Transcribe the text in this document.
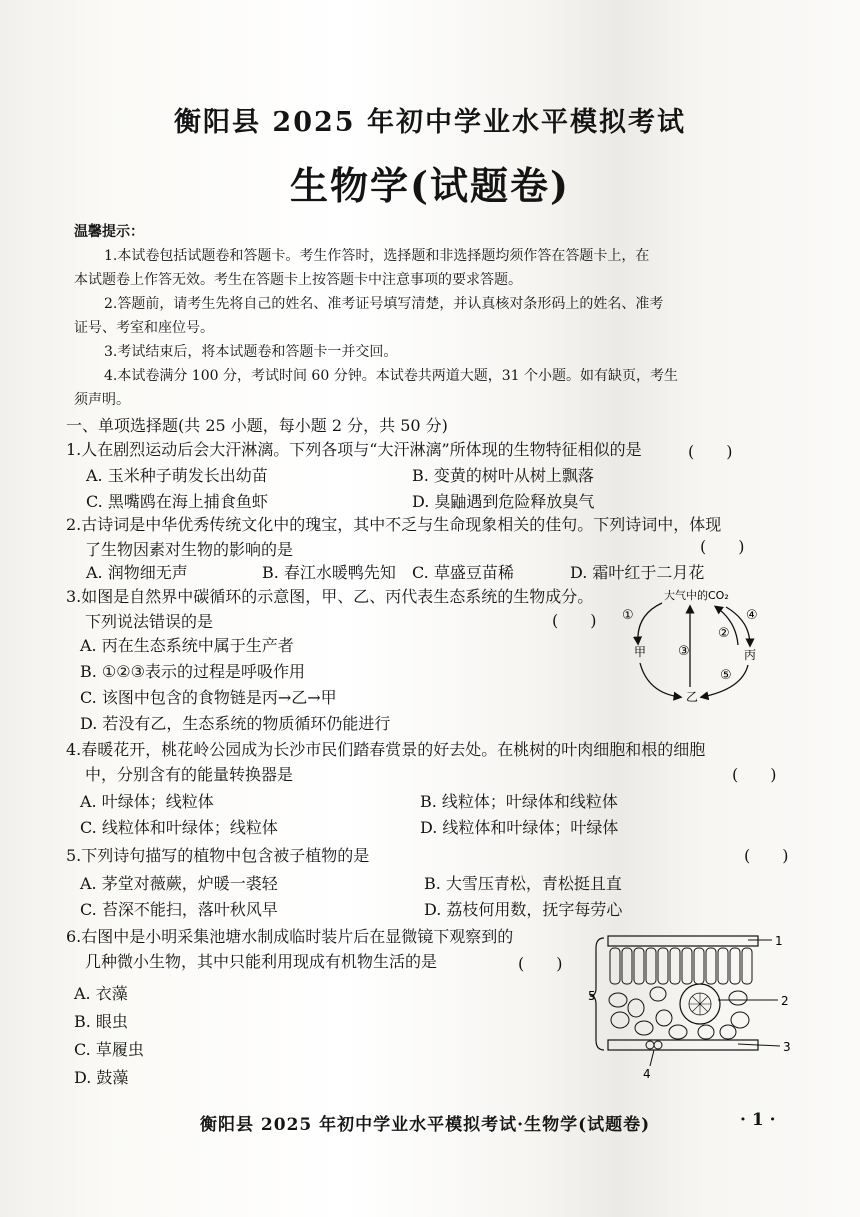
衡阳县 2025 年初中学业水平模拟考试
生物学(试题卷)

温馨提示：

1.本试卷包括试题卷和答题卡。考生作答时，选择题和非选择题均须作答在答题卡上，在

本试题卷上作答无效。考生在答题卡上按答题卡中注意事项的要求答题。

2.答题前，请考生先将自己的姓名、准考证号填写清楚，并认真核对条形码上的姓名、准考

证号、考室和座位号。

3.考试结束后，将本试题卷和答题卡一并交回。

4.本试卷满分 100 分，考试时间 60 分钟。本试卷共两道大题，31 个小题。如有缺页，考生

须声明。

一、单项选择题(共 25 小题，每小题 2 分，共 50 分)
1.人在剧烈运动后会大汗淋漓。下列各项与“大汗淋漓”所体现的生物特征相似的是	(　　)
A. 玉米种子萌发长出幼苗	B. 变黄的树叶从树上飘落
C. 黑嘴鸥在海上捕食鱼虾	D. 臭鼬遇到危险释放臭气
2.古诗词是中华优秀传统文化中的瑰宝，其中不乏与生命现象相关的佳句。下列诗词中，体现
了生物因素对生物的影响的是	(　　)
A. 润物细无声	B. 春江水暖鸭先知 C. 草盛豆苗稀	D. 霜叶红于二月花
3.如图是自然界中碳循环的示意图，甲、乙、丙代表生态系统的生物成分。
下列说法错误的是	(　　)
A. 丙在生态系统中属于生产者
B. ①②③表示的过程是呼吸作用
C. 该图中包含的食物链是丙→乙→甲
D. 若没有乙，生态系统的物质循环仍能进行
大气中的CO₂
甲
乙
丙
①
②
③
④
⑤
4.春暖花开，桃花岭公园成为长沙市民们踏春赏景的好去处。在桃树的叶肉细胞和根的细胞
中，分别含有的能量转换器是	(　　)
A. 叶绿体；线粒体	B. 线粒体；叶绿体和线粒体
C. 线粒体和叶绿体；线粒体	D. 线粒体和叶绿体；叶绿体
5.下列诗句描写的植物中包含被子植物的是	(　　)
A. 茅堂对薇蕨，炉暖一裘轻	B. 大雪压青松，青松挺且直
C. 苔深不能扫，落叶秋风早	D. 荔枝何用数，抚字每劳心
6.右图中是小明采集池塘水制成临时装片后在显微镜下观察到的
几种微小生物，其中只能利用现成有机物生活的是	(　　)
A. 衣藻
B. 眼虫
C. 草履虫
D. 鼓藻
1
2
3
4
5
衡阳县 2025 年初中学业水平模拟考试·生物学(试题卷)	· 1 ·
